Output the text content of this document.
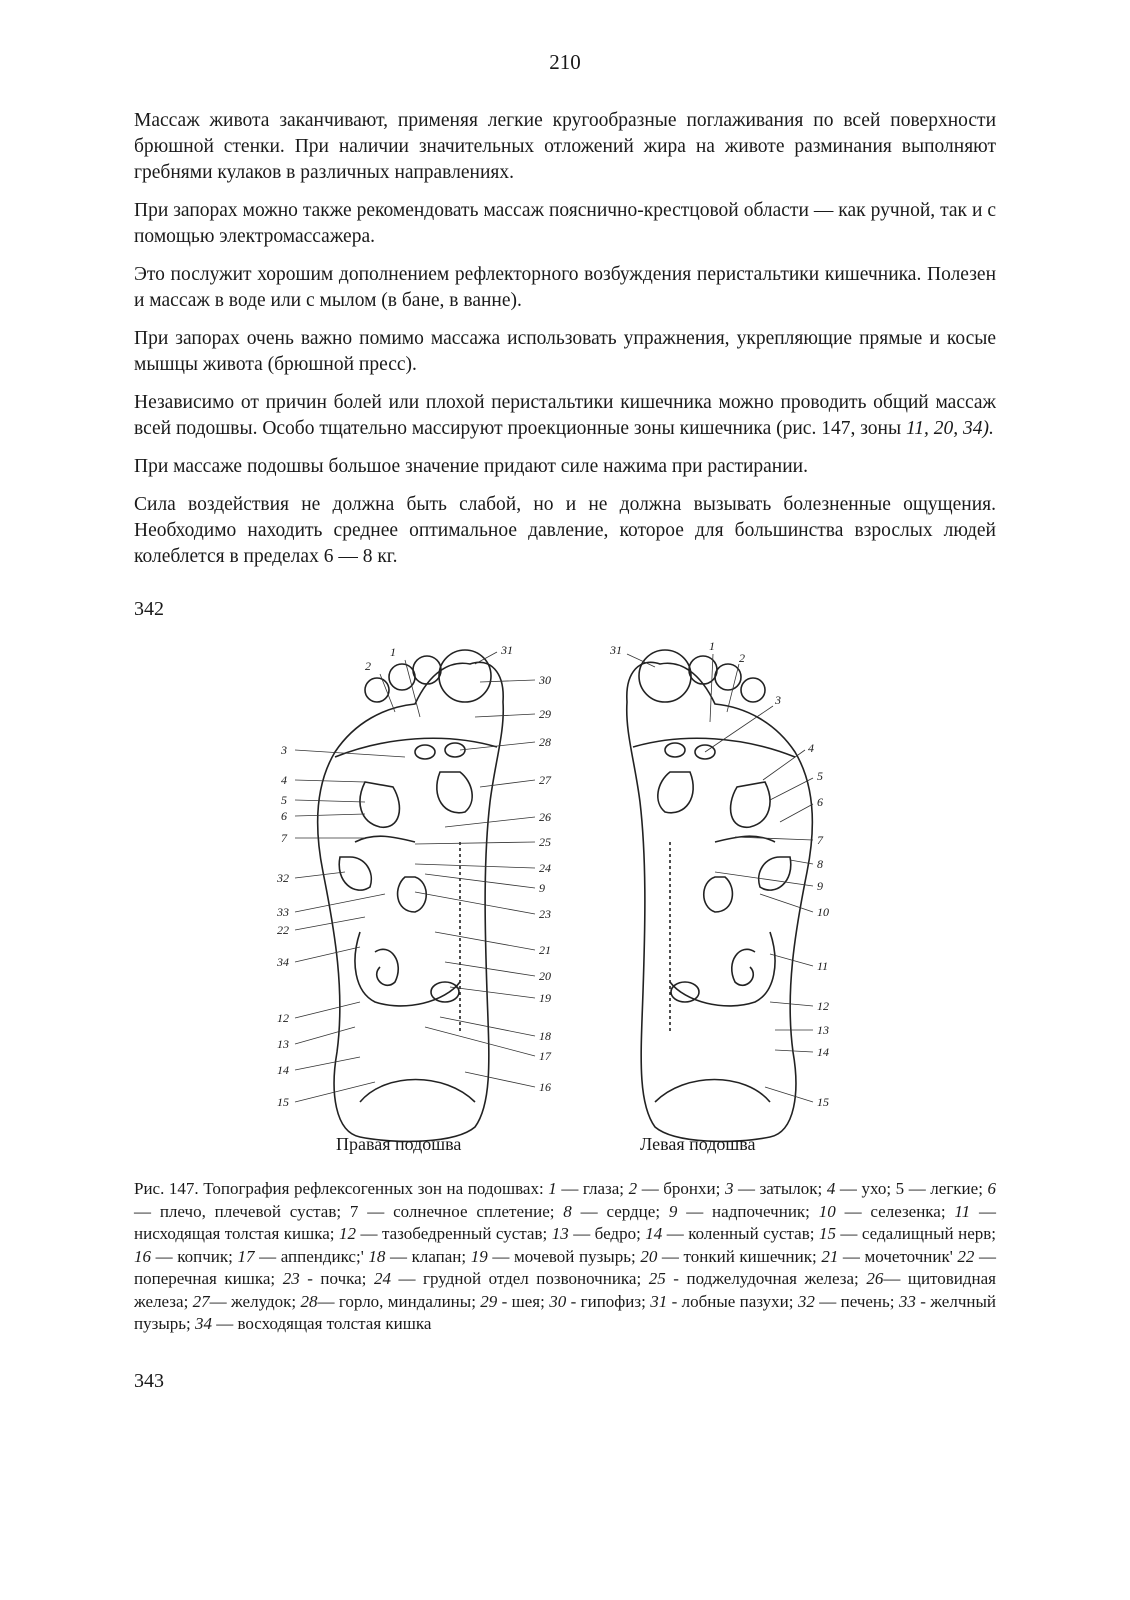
210

Массаж живота заканчивают, применяя легкие кругообразные поглаживания по всей поверхности брюшной стенки. При наличии значительных отложений жира на животе разминания выполняют гребнями кулаков в различных направлениях.

При запорах можно также рекомендовать массаж пояснично-крестцовой области — как ручной, так и с помощью электромассажера.

Это послужит хорошим дополнением рефлекторного возбуждения перистальтики кишечника. Полезен и массаж в воде или с мылом (в бане, в ванне).

При запорах очень важно помимо массажа использовать упражнения, укрепляющие прямые и косые мышцы живота (брюшной пресс).

Независимо от причин болей или плохой перистальтики кишечника можно проводить общий массаж всей подошвы. Особо тщательно массируют проекционные зоны кишечника (рис. 147, зоны 11, 20, 34).

При массаже подошвы большое значение придают силе нажима при растирании.

Сила воздействия не должна быть слабой, но и не должна вызывать болезненные ощущения. Необходимо находить среднее оптимальное давление, которое для большинства взрослых людей колеблется в пределах 6 — 8 кг.

342
1
2
31
30
29
28
3
4
5
6
7
27
26
25
24
9
32
33
22
23
21
34
20
19
12
13
18
17
14
15
16
31	1
2
3
4
5
6
7
8
9
10
11
12
13
14
15
Правая подошва	Левая подошва
Рис. 147. Топография рефлексогенных зон на подошвах: 1 — глаза; 2 — бронхи; 3 — затылок; 4 — ухо; 5 — легкие; 6 — плечо, плечевой сустав; 7 — солнечное сплетение; 8 — сердце; 9 — надпочечник; 10 — селезенка; 11 — нисходящая толстая кишка; 12 — тазобедренный сустав; 13 — бедро; 14 — коленный сустав; 15 — седалищный нерв; 16 — копчик; 17 — аппендикс;' 18 — клапан; 19 — мочевой пузырь; 20 — тонкий кишечник; 21 — мочеточник' 22 — поперечная кишка; 23 - почка; 24 — грудной отдел позвоночника; 25 - поджелудочная железа; 26— щитовидная железа; 27— желудок; 28— горло, миндалины; 29 - шея; 30 - гипофиз; 31 - лобные пазухи; 32 — печень; 33 - желчный пузырь; 34 — восходящая толстая кишка
343
